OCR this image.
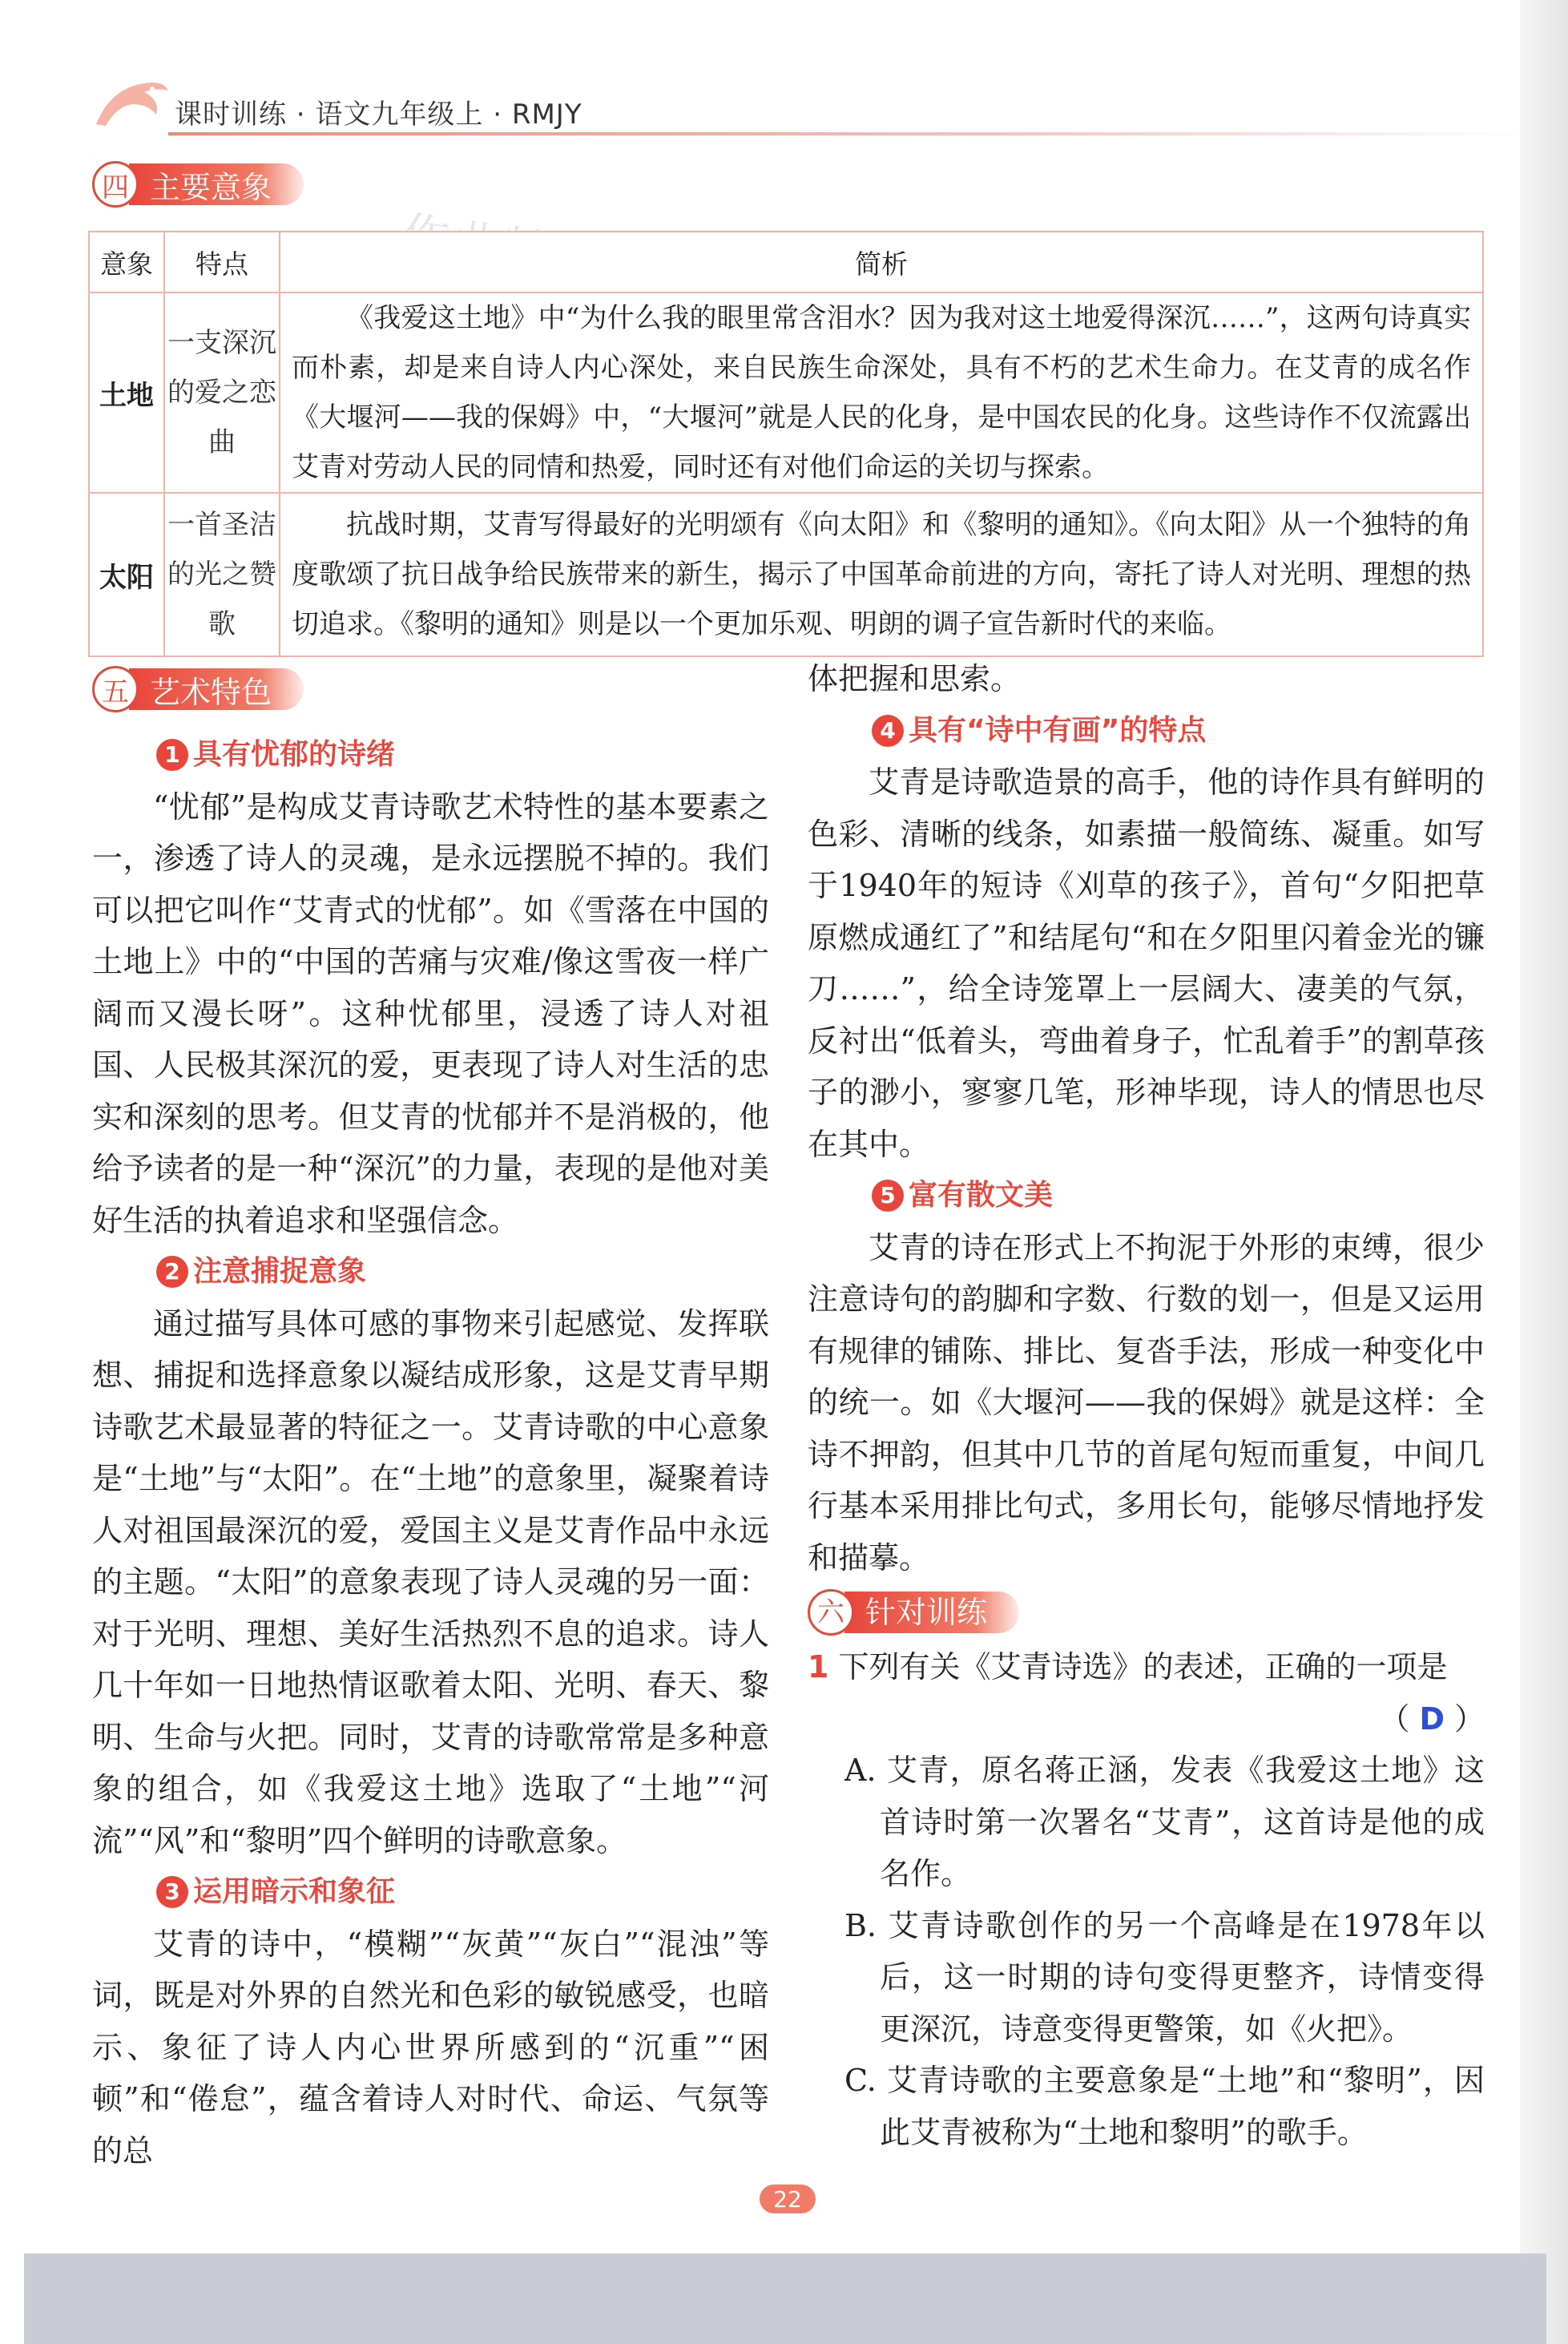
课时训练 · 语文九年级上 · RMJY
四 主要意象
意象	特点	简析
土地	一支深沉的爱之恋曲	《我爱这土地》中“为什么我的眼里常含泪水？因为我对这土地爱得深沉……”，这两句诗真实而朴素，却是来自诗人内心深处，来自民族生命深处，具有不朽的艺术生命力。在艾青的成名作《大堰河——我的保姆》中，“大堰河”就是人民的化身，是中国农民的化身。这些诗作不仅流露出艾青对劳动人民的同情和热爱，同时还有对他们命运的关切与探索。
太阳	一首圣洁的光之赞歌	抗战时期，艾青写得最好的光明颂有《向太阳》和《黎明的通知》。《向太阳》从一个独特的角度歌颂了抗日战争给民族带来的新生，揭示了中国革命前进的方向，寄托了诗人对光明、理想的热切追求。《黎明的通知》则是以一个更加乐观、明朗的调子宣告新时代的来临。
五 艺术特色
1 具有忧郁的诗绪

“忧郁”是构成艾青诗歌艺术特性的基本要素之一，渗透了诗人的灵魂，是永远摆脱不掉的。我们可以把它叫作“艾青式的忧郁”。如《雪落在中国的土地上》中的“中国的苦痛与灾难/像这雪夜一样广阔而又漫长呀”。这种忧郁里，浸透了诗人对祖国、人民极其深沉的爱，更表现了诗人对生活的忠实和深刻的思考。但艾青的忧郁并不是消极的，他给予读者的是一种“深沉”的力量，表现的是他对美好生活的执着追求和坚强信念。

2 注意捕捉意象

通过描写具体可感的事物来引起感觉、发挥联想、捕捉和选择意象以凝结成形象，这是艾青早期诗歌艺术最显著的特征之一。艾青诗歌的中心意象是“土地”与“太阳”。在“土地”的意象里，凝聚着诗人对祖国最深沉的爱，爱国主义是艾青作品中永远的主题。“太阳”的意象表现了诗人灵魂的另一面：对于光明、理想、美好生活热烈不息的追求。诗人几十年如一日地热情讴歌着太阳、光明、春天、黎明、生命与火把。同时，艾青的诗歌常常是多种意象的组合，如《我爱这土地》选取了“土地”“河流”“风”和“黎明”四个鲜明的诗歌意象。

3 运用暗示和象征

艾青的诗中，“模糊”“灰黄”“灰白”“混浊”等词，既是对外界的自然光和色彩的敏锐感受，也暗示、象征了诗人内心世界所感到的“沉重”“困顿”和“倦怠”，蕴含着诗人对时代、命运、气氛等的总

体把握和思索。

4 具有“诗中有画”的特点

艾青是诗歌造景的高手，他的诗作具有鲜明的色彩、清晰的线条，如素描一般简练、凝重。如写于1940年的短诗《刈草的孩子》，首句“夕阳把草原燃成通红了”和结尾句“和在夕阳里闪着金光的镰刀……”，给全诗笼罩上一层阔大、凄美的气氛，反衬出“低着头，弯曲着身子，忙乱着手”的割草孩子的渺小，寥寥几笔，形神毕现，诗人的情思也尽在其中。

5 富有散文美

艾青的诗在形式上不拘泥于外形的束缚，很少注意诗句的韵脚和字数、行数的划一，但是又运用有规律的铺陈、排比、复沓手法，形成一种变化中的统一。如《大堰河——我的保姆》就是这样：全诗不押韵，但其中几节的首尾句短而重复，中间几行基本采用排比句式，多用长句，能够尽情地抒发和描摹。

六 针对训练
1 下列有关《艾青诗选》的表述，正确的一项是
（ D ）
A. 艾青，原名蒋正涵，发表《我爱这土地》这首诗时第一次署名“艾青”，这首诗是他的成名作。
B. 艾青诗歌创作的另一个高峰是在1978年以后，这一时期的诗句变得更整齐，诗情变得更深沉，诗意变得更警策，如《火把》。
C. 艾青诗歌的主要意象是“土地”和“黎明”，因此艾青被称为“土地和黎明”的歌手。
22
